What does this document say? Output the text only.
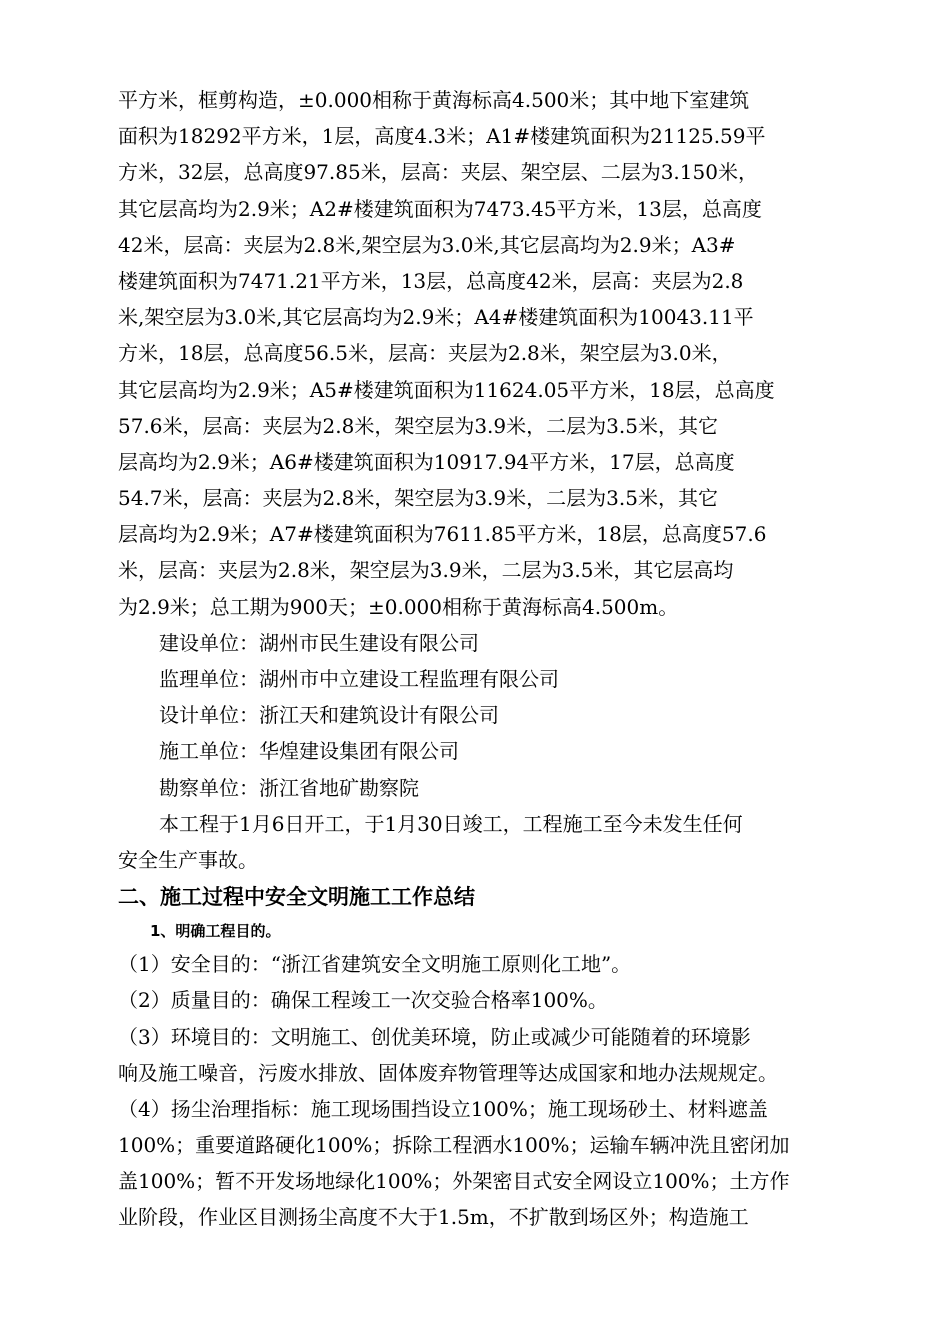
平方米，框剪构造，±0.000相称于黄海标高4.500米；其中地下室建筑
面积为18292平方米，1层，高度4.3米；A1#楼建筑面积为21125.59平
方米，32层，总高度97.85米，层高：夹层、架空层、二层为3.150米，
其它层高均为2.9米；A2#楼建筑面积为7473.45平方米，13层，总高度
42米，层高：夹层为2.8米,架空层为3.0米,其它层高均为2.9米；A3#
楼建筑面积为7471.21平方米，13层，总高度42米，层高：夹层为2.8
米,架空层为3.0米,其它层高均为2.9米；A4#楼建筑面积为10043.11平
方米，18层，总高度56.5米，层高：夹层为2.8米，架空层为3.0米，
其它层高均为2.9米；A5#楼建筑面积为11624.05平方米，18层，总高度
57.6米，层高：夹层为2.8米，架空层为3.9米，二层为3.5米，其它
层高均为2.9米；A6#楼建筑面积为10917.94平方米，17层，总高度
54.7米，层高：夹层为2.8米，架空层为3.9米，二层为3.5米，其它
层高均为2.9米；A7#楼建筑面积为7611.85平方米，18层，总高度57.6
米，层高：夹层为2.8米，架空层为3.9米，二层为3.5米，其它层高均
为2.9米；总工期为900天；±0.000相称于黄海标高4.500m。
建设单位：湖州市民生建设有限公司
监理单位：湖州市中立建设工程监理有限公司
设计单位：浙江天和建筑设计有限公司
施工单位：华煌建设集团有限公司
勘察单位：浙江省地矿勘察院
本工程于1月6日开工，于1月30日竣工，工程施工至今未发生任何
安全生产事故。
二、施工过程中安全文明施工工作总结
1、明确工程目的。
（1）安全目的：“浙江省建筑安全文明施工原则化工地”。
（2）质量目的：确保工程竣工一次交验合格率100%。
（3）环境目的：文明施工、创优美环境，防止或减少可能随着的环境影
响及施工噪音，污废水排放、固体废弃物管理等达成国家和地办法规规定。
（4）扬尘治理指标：施工现场围挡设立100%；施工现场砂土、材料遮盖
100%；重要道路硬化100%；拆除工程洒水100%；运输车辆冲洗且密闭加
盖100%；暂不开发场地绿化100%；外架密目式安全网设立100%；土方作
业阶段，作业区目测扬尘高度不大于1.5m，不扩散到场区外；构造施工
